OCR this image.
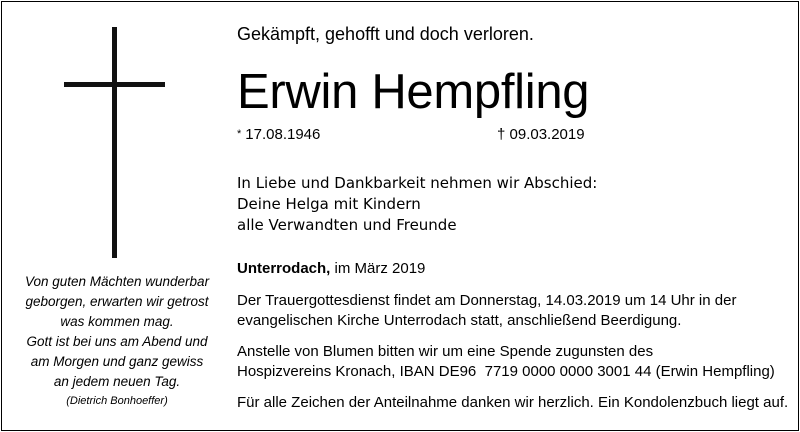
Von guten Mächten wunderbar
geborgen, erwarten wir getrost
was kommen mag.
Gott ist bei uns am Abend und
am Morgen und ganz gewiss
an jedem neuen Tag.
(Dietrich Bonhoeffer)
Gekämpft, gehofft und doch verloren.
Erwin Hempfling
* 17.08.1946	† 09.03.2019
In Liebe und Dankbarkeit nehmen wir Abschied:
Deine Helga mit Kindern
alle Verwandten und Freunde
Unterrodach, im März 2019
Der Trauergottesdienst findet am Donnerstag, 14.03.2019 um 14 Uhr in der
evangelischen Kirche Unterrodach statt, anschließend Beerdigung.
Anstelle von Blumen bitten wir um eine Spende zugunsten des
Hospizvereins Kronach, IBAN DE96  7719 0000 0000 3001 44 (Erwin Hempfling)
Für alle Zeichen der Anteilnahme danken wir herzlich. Ein Kondolenzbuch liegt auf.
